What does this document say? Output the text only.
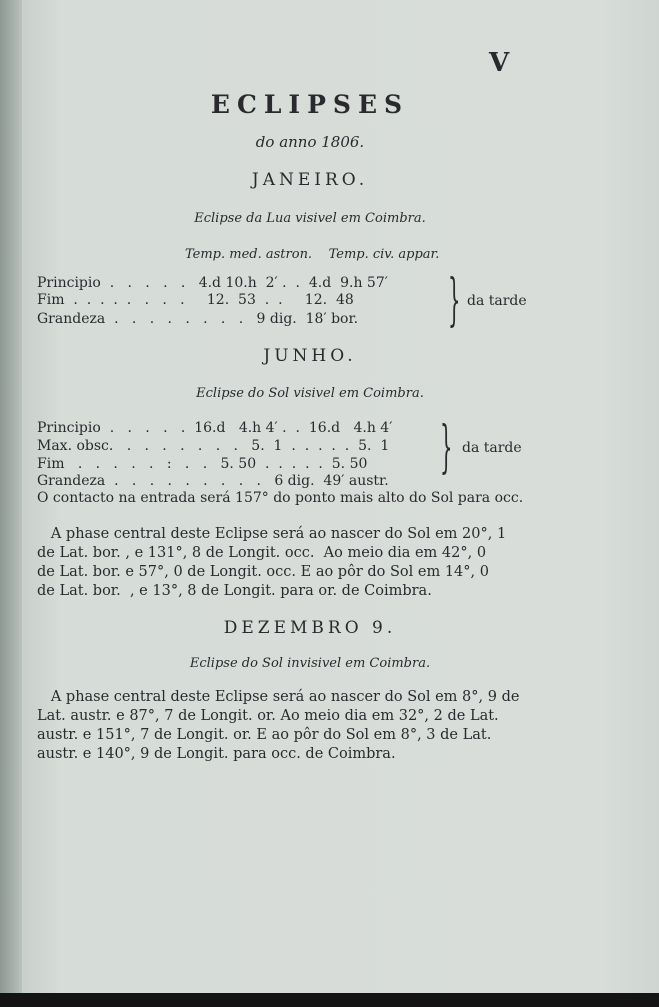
V
ECLIPSES
do anno 1806.
JANEIRO.
Eclipse da Lua visivel em Coimbra.
Temp. med. astron.    Temp. civ. appar.
Principio  .   .   .   .   .   4.d 10.h  2′ .  .  4.d  9.h 57′
Fim  .  .  .  .  .   .   .   .     12.  53  .  .     12.  48
Grandeza  .   .   .   .   .   .   .   .   9 dig.  18′ bor. } da tarde
JUNHO.
Eclipse do Sol visivel em Coimbra.
Principio  .   .   .   .   .  16.d   4.h 4′ .  .  16.d   4.h 4′
Max. obsc.   .   .   .   .   .   .   .   5.  1  .  .  .  .  .  5.  1
Fim   .   .   .   .   .   :   .   .   5. 50  .  .  .  .  .  5. 50
Grandeza  .   .   .   .   .   .   .   .   .   6 dig.  49′ austr.
O contacto na entrada será 157° do ponto mais alto do Sol para occ.
} da tarde
A phase central deste Eclipse será ao nascer do Sol em 20°, 1
de Lat. bor. , e 131°, 8 de Longit. occ.  Ao meio dia em 42°, 0
de Lat. bor. e 57°, 0 de Longit. occ. E ao pôr do Sol em 14°, 0
de Lat. bor.  , e 13°, 8 de Longit. para or. de Coimbra.
DEZEMBRO 9.
Eclipse do Sol invisivel em Coimbra.
A phase central deste Eclipse será ao nascer do Sol em 8°, 9 de
Lat. austr. e 87°, 7 de Longit. or. Ao meio dia em 32°, 2 de Lat.
austr. e 151°, 7 de Longit. or. E ao pôr do Sol em 8°, 3 de Lat.
austr. e 140°, 9 de Longit. para occ. de Coimbra.
